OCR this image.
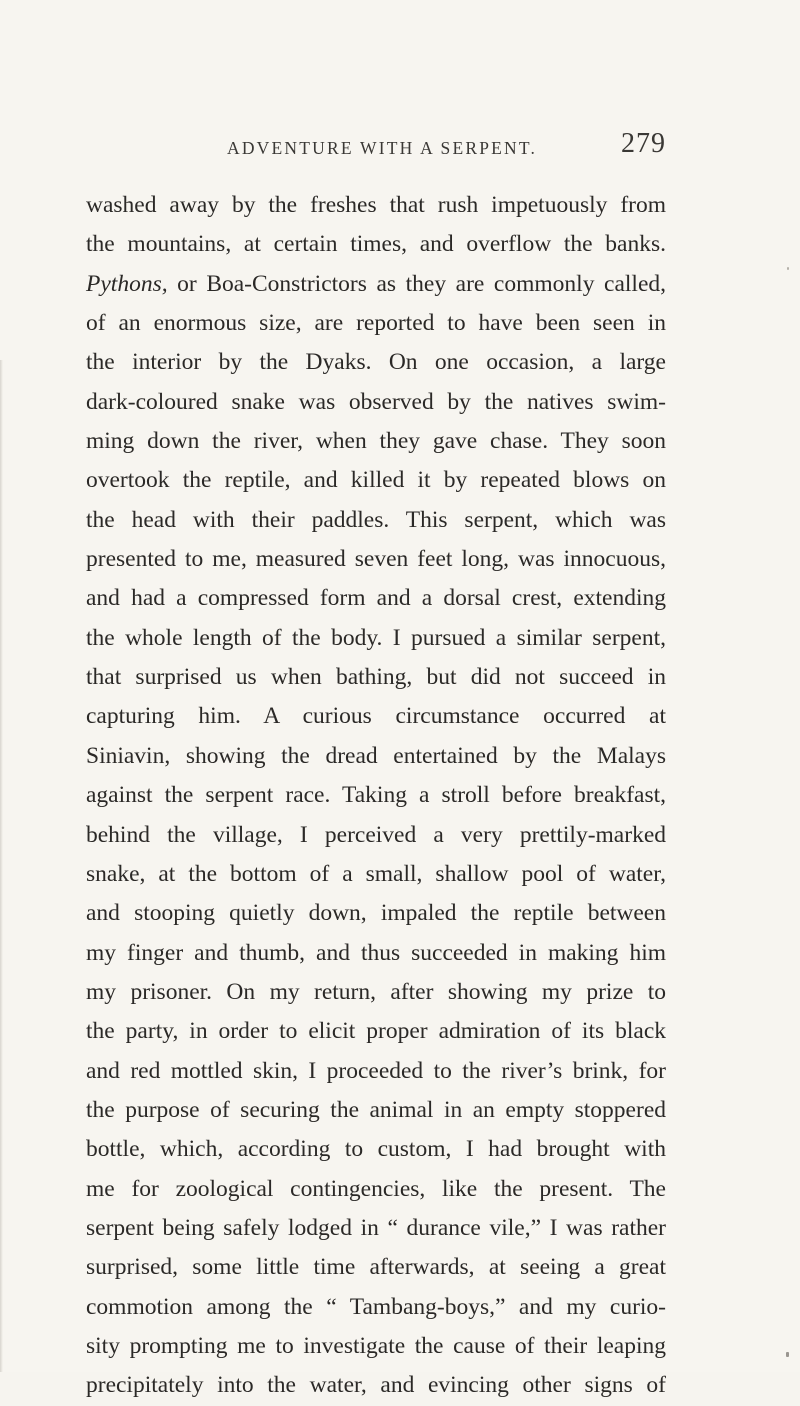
ADVENTURE WITH A SERPENT.	279
washed away by the freshes that rush impetuously from
the mountains, at certain times, and overflow the banks.
Pythons, or Boa-Constrictors as they are commonly called,
of an enormous size, are reported to have been seen in
the interior by the Dyaks. On one occasion, a large
dark-coloured snake was observed by the natives swim-
ming down the river, when they gave chase. They soon
overtook the reptile, and killed it by repeated blows on
the head with their paddles. This serpent, which was
presented to me, measured seven feet long, was innocuous,
and had a compressed form and a dorsal crest, extending
the whole length of the body. I pursued a similar serpent,
that surprised us when bathing, but did not succeed in
capturing him. A curious circumstance occurred at
Siniavin, showing the dread entertained by the Malays
against the serpent race. Taking a stroll before breakfast,
behind the village, I perceived a very prettily-marked
snake, at the bottom of a small, shallow pool of water,
and stooping quietly down, impaled the reptile between
my finger and thumb, and thus succeeded in making him
my prisoner. On my return, after showing my prize to
the party, in order to elicit proper admiration of its black
and red mottled skin, I proceeded to the river’s brink, for
the purpose of securing the animal in an empty stoppered
bottle, which, according to custom, I had brought with
me for zoological contingencies, like the present. The
serpent being safely lodged in “ durance vile,” I was rather
surprised, some little time afterwards, at seeing a great
commotion among the “ Tambang-boys,” and my curio-
sity prompting me to investigate the cause of their leaping
precipitately into the water, and evincing other signs of
